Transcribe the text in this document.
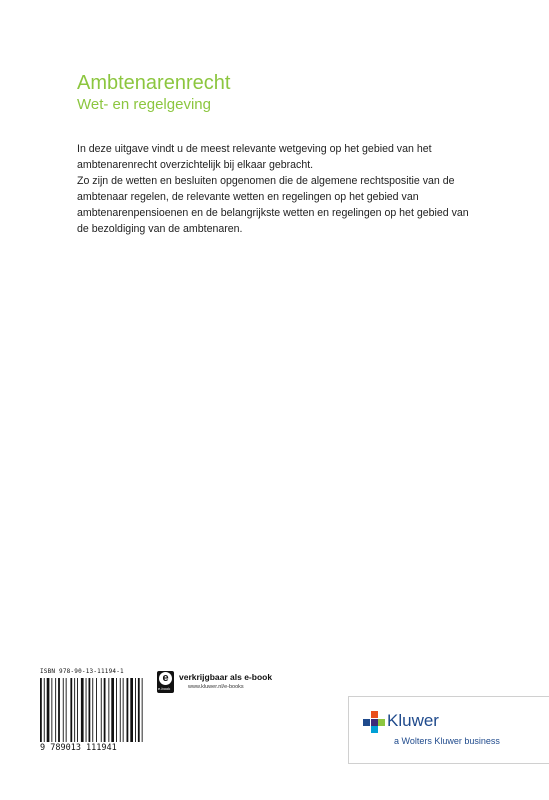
Ambtenarenrecht
Wet- en regelgeving

In deze uitgave vindt u de meest relevante wetgeving op het gebied van het ambtenarenrecht overzichtelijk bij elkaar gebracht.

Zo zijn de wetten en besluiten opgenomen die de algemene rechtspositie van de ambtenaar regelen, de relevante wetten en regelingen op het gebied van ambtenarenpensioenen en de belangrijkste wetten en regelingen op het gebied van de bezoldiging van de ambtenaren.

ISBN 978-90-13-11194-1
9 789013 111941
e
e-book
verkrijgbaar als e-book
www.kluwer.nl/e-books
Kluwer
a Wolters Kluwer business
